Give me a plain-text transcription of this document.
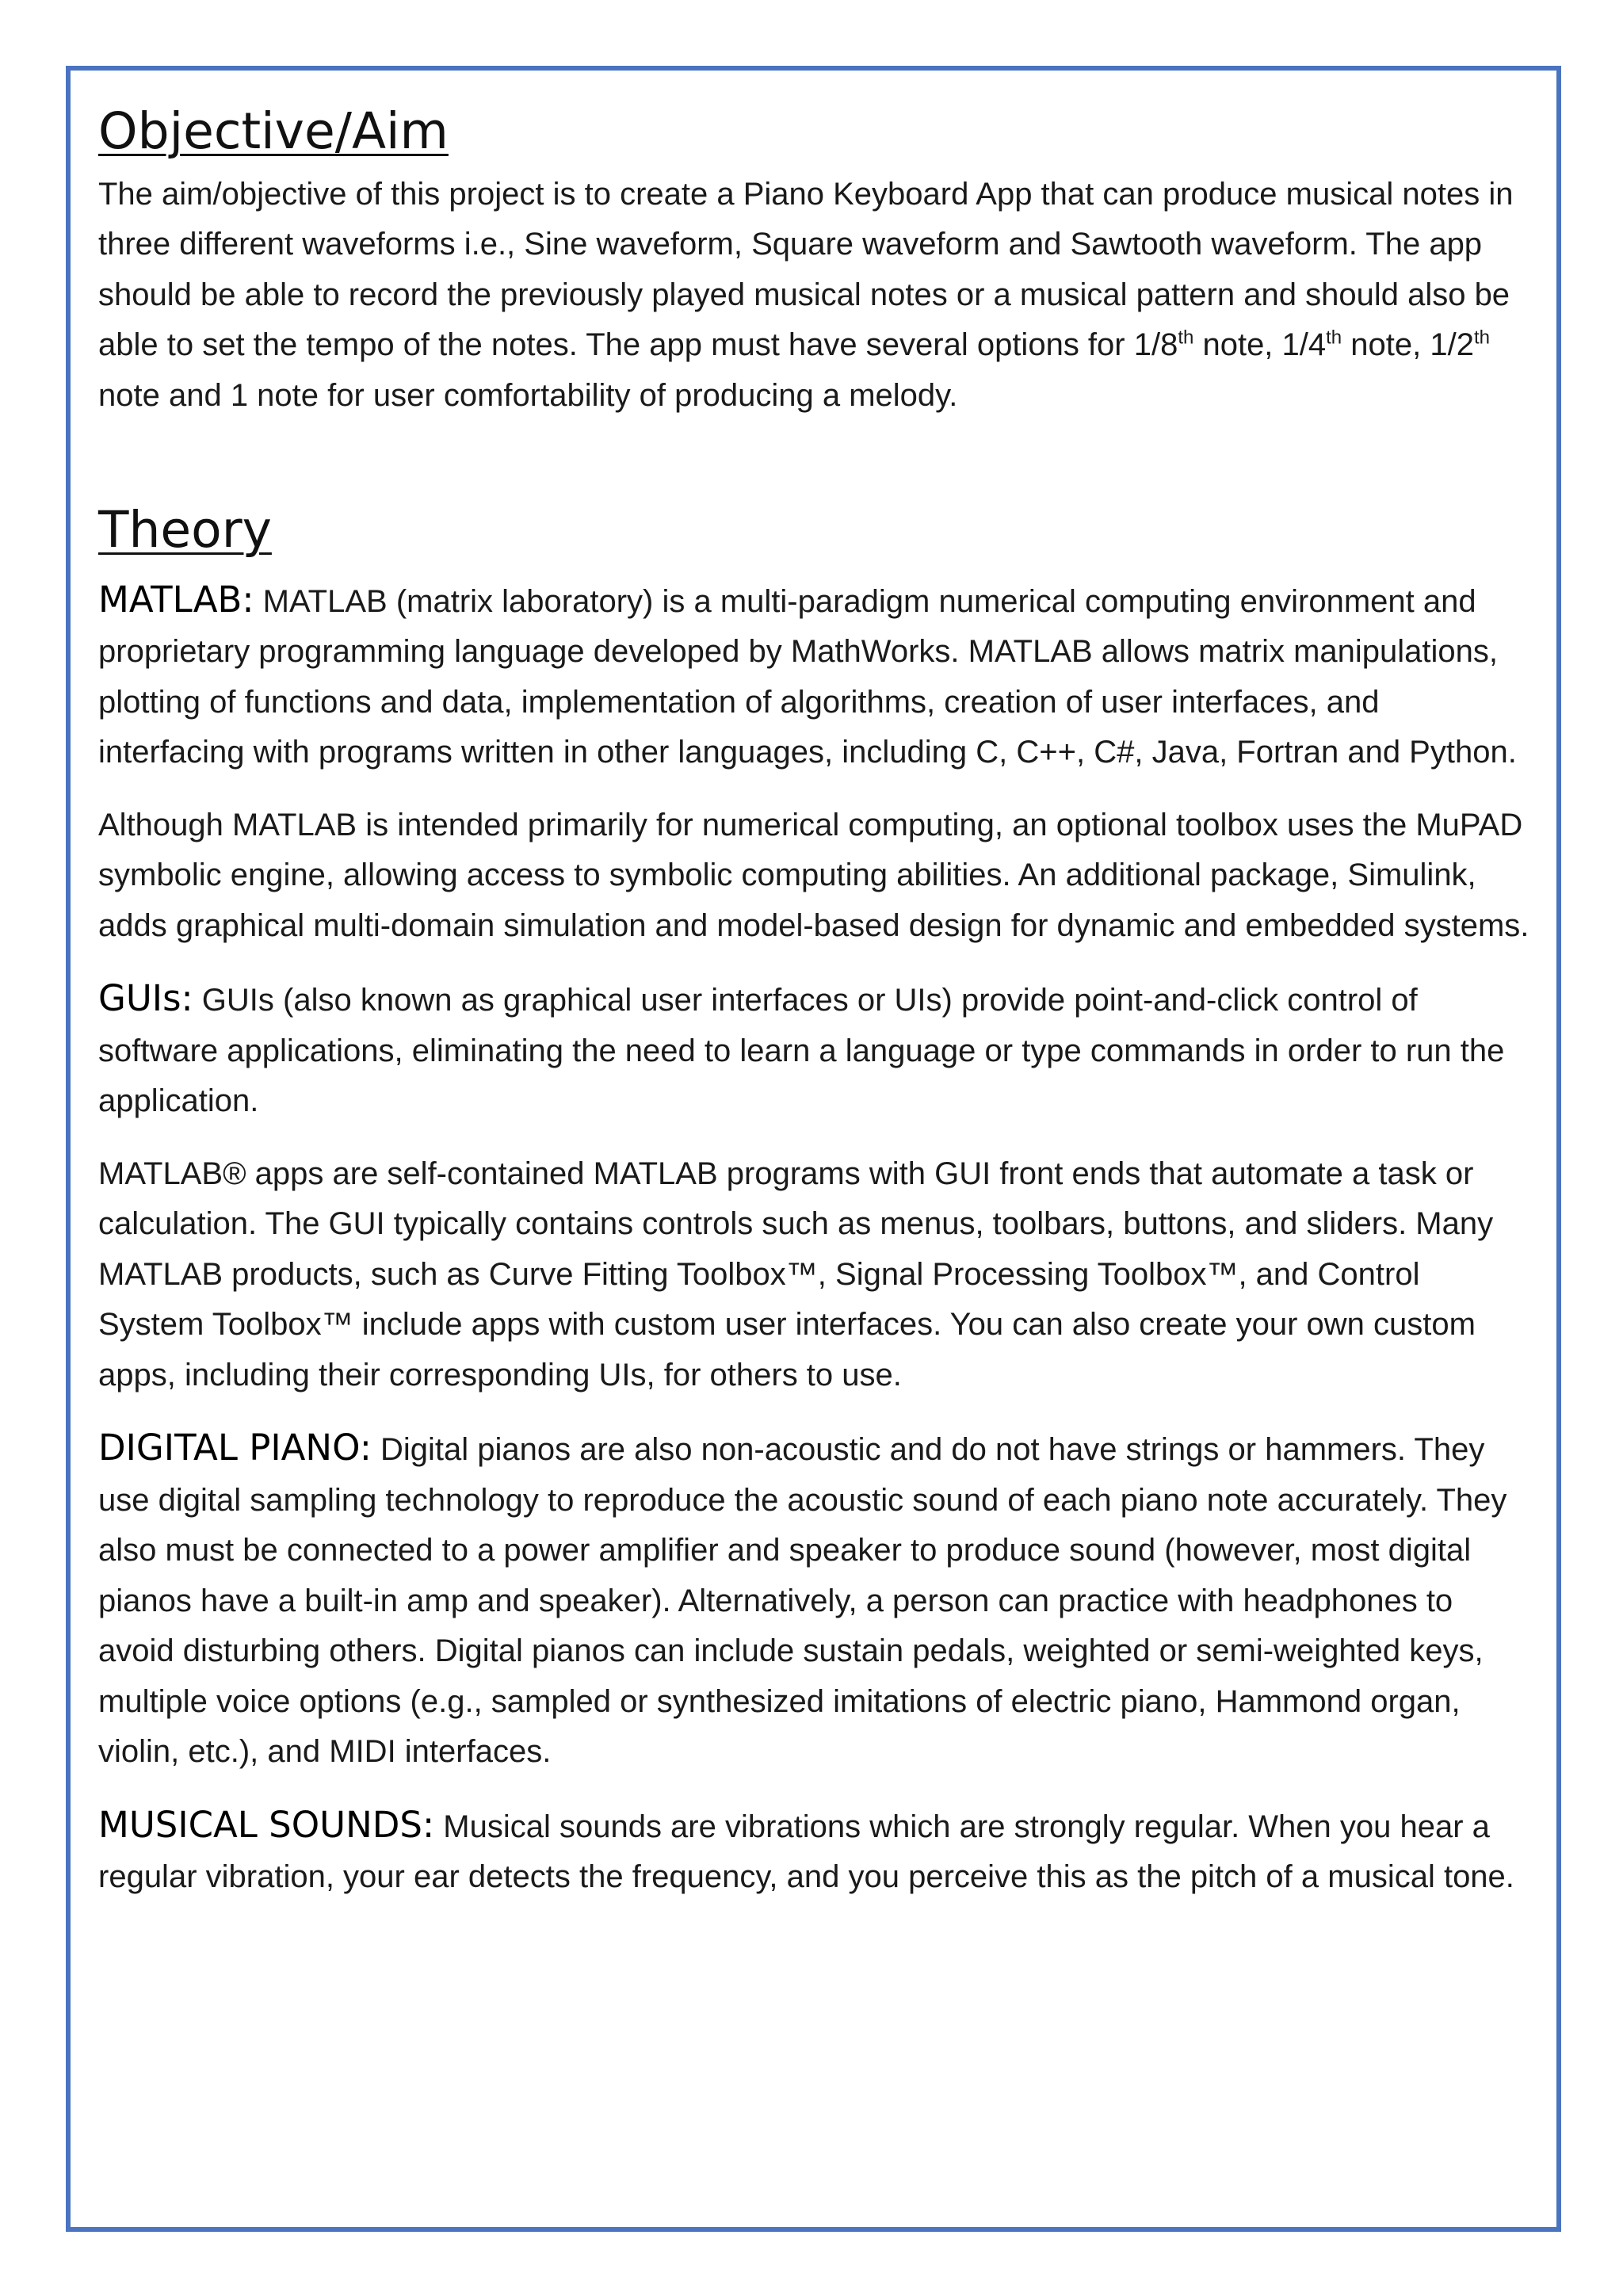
Objective/Aim

The aim/objective of this project is to create a Piano Keyboard App that can produce musical notes in three different waveforms i.e., Sine waveform, Square waveform and Sawtooth waveform. The app should be able to record the previously played musical notes or a musical pattern and should also be able to set the tempo of the notes. The app must have several options for 1/8th note, 1/4th note, 1/2th note and 1 note for user comfortability of producing a melody.

Theory

MATLAB: MATLAB (matrix laboratory) is a multi-paradigm numerical computing environment and proprietary programming language developed by MathWorks. MATLAB allows matrix manipulations, plotting of functions and data, implementation of algorithms, creation of user interfaces, and interfacing with programs written in other languages, including C, C++, C#, Java, Fortran and Python.

Although MATLAB is intended primarily for numerical computing, an optional toolbox uses the MuPAD symbolic engine, allowing access to symbolic computing abilities. An additional package, Simulink, adds graphical multi-domain simulation and model-based design for dynamic and embedded systems.

GUIs: GUIs (also known as graphical user interfaces or UIs) provide point-and-click control of software applications, eliminating the need to learn a language or type commands in order to run the application.

MATLAB® apps are self-contained MATLAB programs with GUI front ends that automate a task or calculation. The GUI typically contains controls such as menus, toolbars, buttons, and sliders. Many MATLAB products, such as Curve Fitting Toolbox™, Signal Processing Toolbox™, and Control System Toolbox™ include apps with custom user interfaces. You can also create your own custom apps, including their corresponding UIs, for others to use.

DIGITAL PIANO: Digital pianos are also non-acoustic and do not have strings or hammers. They use digital sampling technology to reproduce the acoustic sound of each piano note accurately. They also must be connected to a power amplifier and speaker to produce sound (however, most digital pianos have a built-in amp and speaker). Alternatively, a person can practice with headphones to avoid disturbing others. Digital pianos can include sustain pedals, weighted or semi-weighted keys, multiple voice options (e.g., sampled or synthesized imitations of electric piano, Hammond organ, violin, etc.), and MIDI interfaces.

MUSICAL SOUNDS: Musical sounds are vibrations which are strongly regular. When you hear a regular vibration, your ear detects the frequency, and you perceive this as the pitch of a musical tone.
